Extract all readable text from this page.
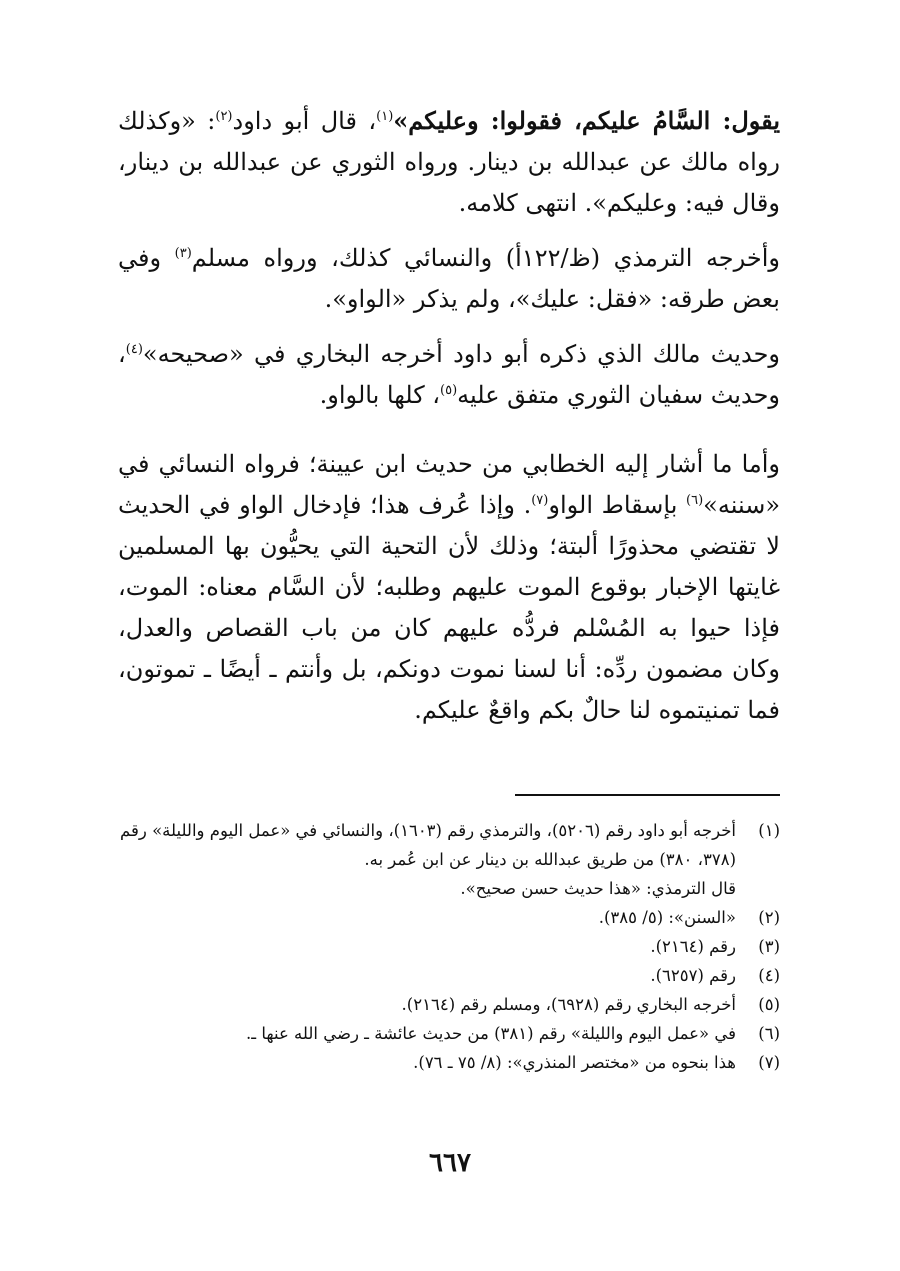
يقول: السَّامُ عليكم، فقولوا: وعليكم»$^{(١)}$، قال أبو داود$^{(٢)}$: «وكذلك رواه مالك عن عبدالله بن دينار. ورواه الثوري عن عبدالله بن دينار، وقال فيه: وعليكم». انتهى كلامه.

وأخرجه الترمذي (ظ/١٢٢أ) والنسائي كذلك، ورواه مسلم$^{(٣)}$ وفي بعض طرقه: «فقل: عليك»، ولم يذكر «الواو».

وحديث مالك الذي ذكره أبو داود أخرجه البخاري في «صحيحه»$^{(٤)}$، وحديث سفيان الثوري متفق عليه$^{(٥)}$، كلها بالواو.

وأما ما أشار إليه الخطابي من حديث ابن عيينة؛ فرواه النسائي في «سننه»$^{(٦)}$ بإسقاط الواو$^{(٧)}$. وإذا عُرف هذا؛ فإدخال الواو في الحديث لا تقتضي محذورًا ألبتة؛ وذلك لأن التحية التي يحيُّون بها المسلمين غايتها الإخبار بوقوع الموت عليهم وطلبه؛ لأن السَّام معناه: الموت، فإذا حيوا به المُسْلم فردُّه عليهم كان من باب القصاص والعدل، وكان مضمون ردِّه: أنا لسنا نموت دونكم، بل وأنتم ـ أيضًا ـ تموتون، فما تمنيتموه لنا حالٌ بكم واقعٌ عليكم.

(١)
أخرجه أبو داود رقم (٥٢٠٦)، والترمذي رقم (١٦٠٣)، والنسائي في «عمل اليوم والليلة» رقم (٣٧٨، ٣٨٠) من طريق عبدالله بن دينار عن ابن عُمر به.
قال الترمذي: «هذا حديث حسن صحيح».
(٢)
«السنن»: (٥/ ٣٨٥).
(٣)
رقم (٢١٦٤).
(٤)
رقم (٦٢٥٧).
(٥)
أخرجه البخاري رقم (٦٩٢٨)، ومسلم رقم (٢١٦٤).
(٦)
في «عمل اليوم والليلة» رقم (٣٨١) من حديث عائشة ـ رضي الله عنها ـ.
(٧)
هذا بنحوه من «مختصر المنذري»: (٨/ ٧٥ ـ ٧٦).
٦٦٧
